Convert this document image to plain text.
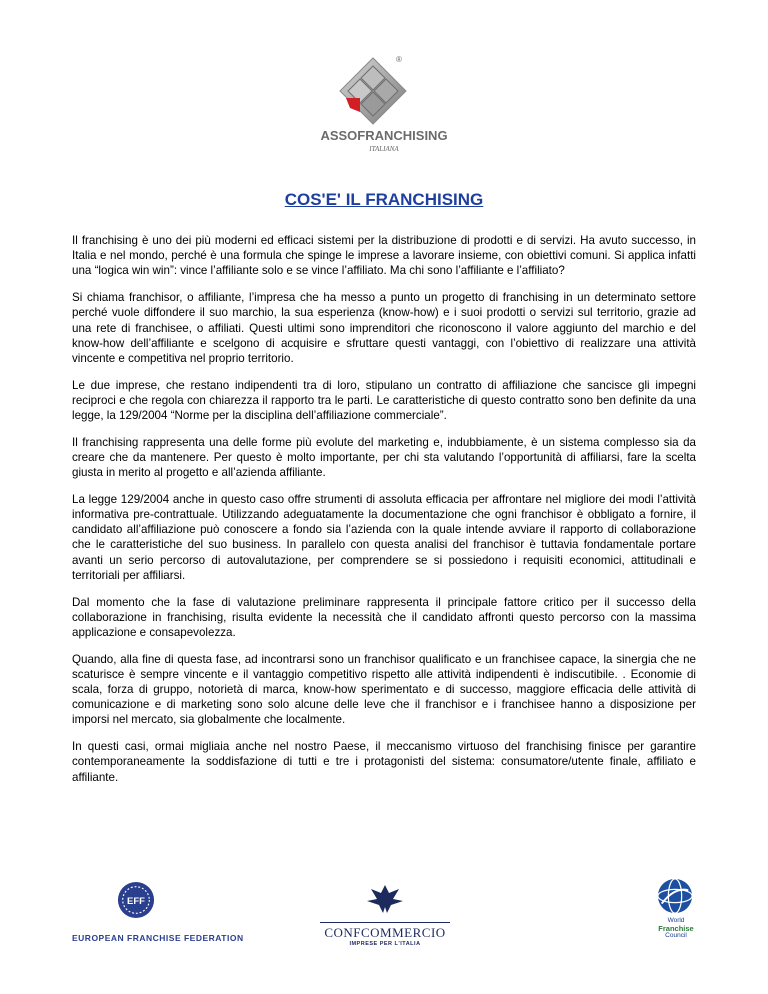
®
ASSOFRANCHISING
ITALIANA
COS'E' IL FRANCHISING

Il franchising è uno dei più moderni ed efficaci sistemi per la distribuzione di prodotti e di servizi. Ha avuto successo, in Italia e nel mondo, perché è una formula che spinge le imprese a lavorare insieme, con obiettivi comuni. Si applica infatti una “logica win win”: vince l’affiliante solo e se vince l’affiliato. Ma chi sono l’affiliante e l’affiliato?

Si chiama franchisor, o affiliante, l’impresa che ha messo a punto un progetto di franchising in un determinato settore perché vuole diffondere il suo marchio, la sua esperienza (know-how) e i suoi prodotti o servizi sul territorio, grazie ad una rete di franchisee, o affiliati. Questi ultimi sono imprenditori che riconoscono il valore aggiunto del marchio e del know-how dell’affiliante e scelgono di acquisire e sfruttare questi vantaggi, con l’obiettivo di realizzare una attività vincente e competitiva nel proprio territorio.

Le due imprese, che restano indipendenti tra di loro, stipulano un contratto di affiliazione che sancisce gli impegni reciproci e che regola con chiarezza il rapporto tra le parti. Le caratteristiche di questo contratto sono ben definite da una legge, la 129/2004 “Norme per la disciplina dell’affiliazione commerciale”.

Il franchising rappresenta una delle forme più evolute del marketing e, indubbiamente, è un sistema complesso sia da creare che da mantenere. Per questo è molto importante, per chi sta valutando l’opportunità di affiliarsi, fare la scelta giusta in merito al progetto e all’azienda affiliante.

La legge 129/2004 anche in questo caso offre strumenti di assoluta efficacia per affrontare nel migliore dei modi l’attività informativa pre-contrattuale. Utilizzando adeguatamente la documentazione che ogni franchisor è obbligato a fornire, il candidato all’affiliazione può conoscere a fondo sia l’azienda con la quale intende avviare il rapporto di collaborazione che le caratteristiche del suo business. In parallelo con questa analisi del franchisor è tuttavia fondamentale portare avanti un serio percorso di autovalutazione, per comprendere se si possiedono i requisiti economici, attitudinali e territoriali per affiliarsi.

Dal momento che la fase di valutazione preliminare rappresenta il principale fattore critico per il successo della collaborazione in franchising, risulta evidente la necessità che il candidato affronti questo percorso con la massima applicazione e consapevolezza.

Quando, alla fine di questa fase, ad incontrarsi sono un franchisor qualificato e un franchisee capace, la sinergia che ne scaturisce è sempre vincente e il vantaggio competitivo rispetto alle attività indipendenti è indiscutibile. . Economie di scala, forza di gruppo, notorietà di marca, know-how sperimentato e di successo, maggiore efficacia delle attività di comunicazione e di marketing sono solo alcune delle leve che il franchisor e i franchisee hanno a disposizione per imporsi nel mercato, sia globalmente che localmente.

In questi casi, ormai migliaia anche nel nostro Paese, il meccanismo virtuoso del franchising finisce per garantire contemporaneamente la soddisfazione di tutti e tre i protagonisti del sistema: consumatore/utente finale, affiliato e affiliante.

EFF
EUROPEAN FRANCHISE FEDERATION	CONFCOMMERCIO
IMPRESE PER L'ITALIA
World
Franchise
Council
